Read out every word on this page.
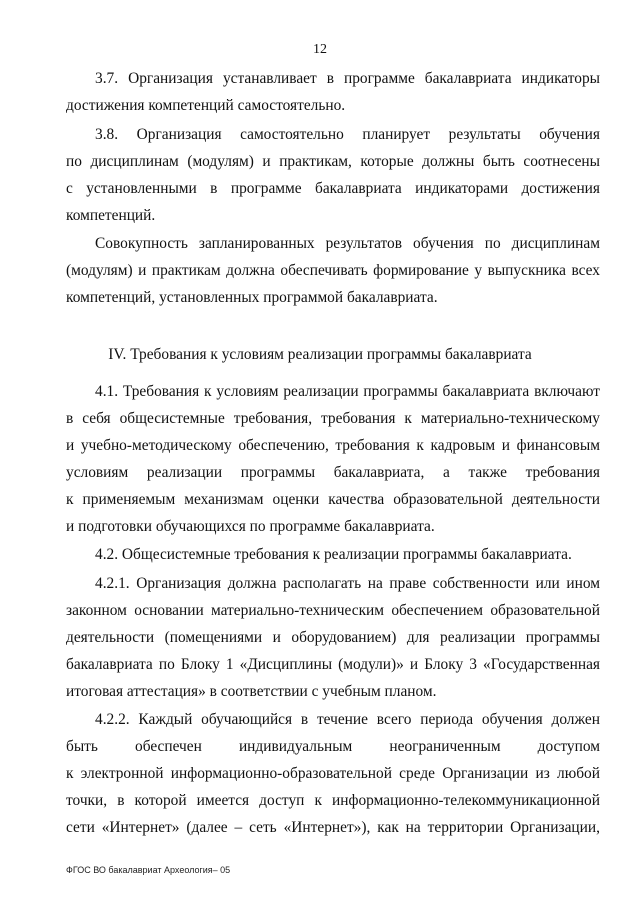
12
3.7. Организация устанавливает в программе бакалавриата индикаторы
достижения компетенций самостоятельно.
3.8. Организация самостоятельно планирует результаты обучения
по дисциплинам (модулям) и практикам, которые должны быть соотнесены
с установленными в программе бакалавриата индикаторами достижения
компетенций.
Совокупность запланированных результатов обучения по дисциплинам
(модулям) и практикам должна обеспечивать формирование у выпускника всех
компетенций, установленных программой бакалавриата.
IV. Требования к условиям реализации программы бакалавриата
4.1. Требования к условиям реализации программы бакалавриата включают
в себя общесистемные требования, требования к материально-техническому
и учебно-методическому обеспечению, требования к кадровым и финансовым
условиям реализации программы бакалавриата, а также требования
к применяемым механизмам оценки качества образовательной деятельности
и подготовки обучающихся по программе бакалавриата.
4.2. Общесистемные требования к реализации программы бакалавриата.
4.2.1. Организация должна располагать на праве собственности или ином
законном основании материально-техническим обеспечением образовательной
деятельности (помещениями и оборудованием) для реализации программы
бакалавриата по Блоку 1 «Дисциплины (модули)» и Блоку 3 «Государственная
итоговая аттестация» в соответствии с учебным планом.
4.2.2. Каждый обучающийся в течение всего периода обучения должен
быть обеспечен индивидуальным неограниченным доступом
к электронной информационно-образовательной среде Организации из любой
точки, в которой имеется доступ к информационно-телекоммуникационной
сети «Интернет» (далее – сеть «Интернет»), как на территории Организации,
ФГОС ВО бакалавриат Археология– 05
